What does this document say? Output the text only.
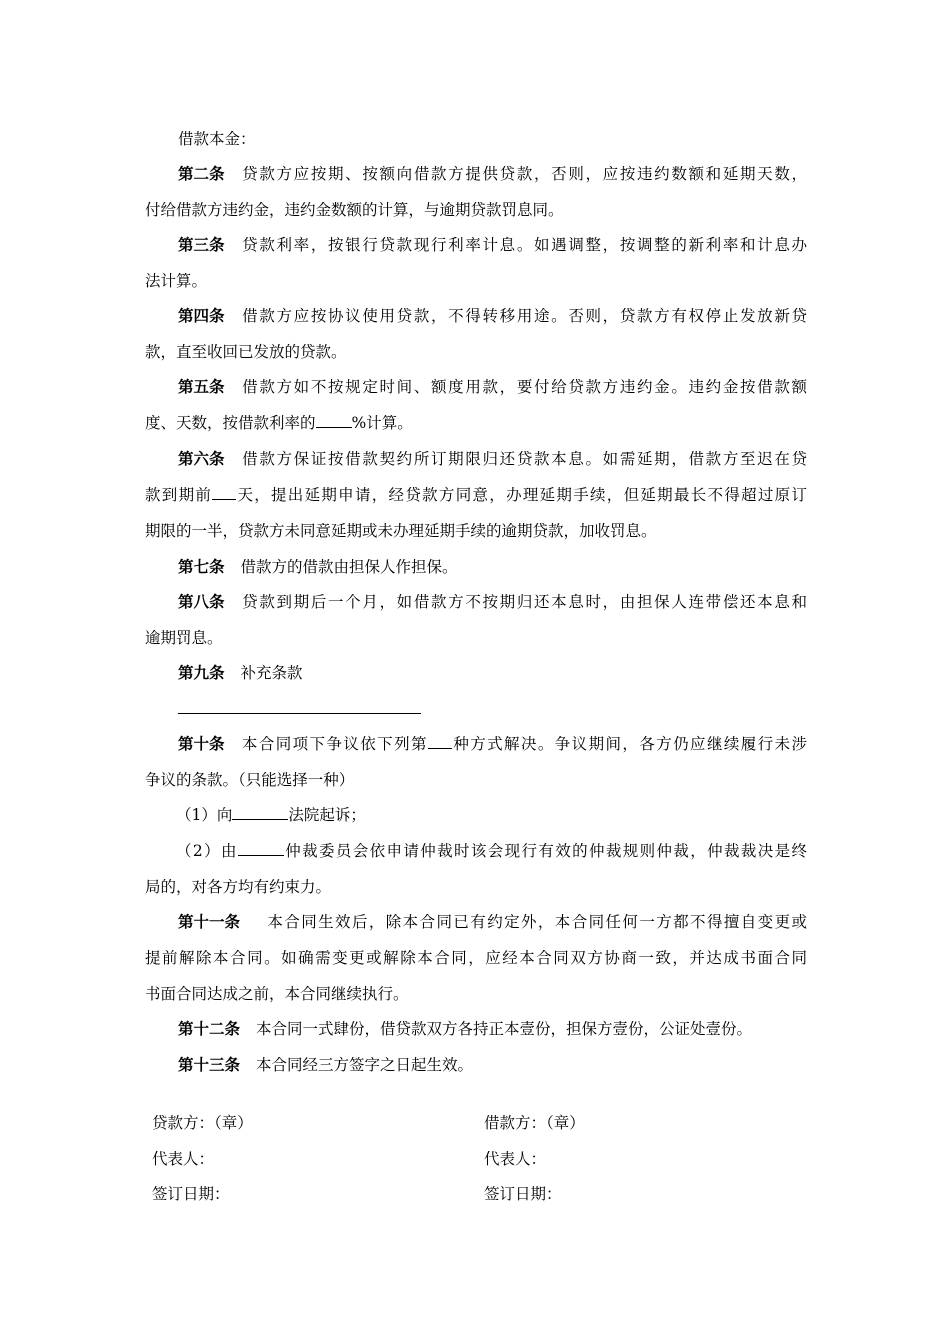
借款本金：
第二条 贷款方应按期、按额向借款方提供贷款，否则，应按违约数额和延期天数，
付给借款方违约金，违约金数额的计算，与逾期贷款罚息同。
第三条 贷款利率，按银行贷款现行利率计息。如遇调整，按调整的新利率和计息办
法计算。
第四条 借款方应按协议使用贷款，不得转移用途。否则，贷款方有权停止发放新贷
款，直至收回已发放的贷款。
第五条 借款方如不按规定时间、额度用款，要付给贷款方违约金。违约金按借款额
度、天数，按借款利率的 %计算。
第六条 借款方保证按借款契约所订期限归还贷款本息。如需延期，借款方至迟在贷
款到期前 天，提出延期申请，经贷款方同意，办理延期手续，但延期最长不得超过原订
期限的一半，贷款方未同意延期或未办理延期手续的逾期贷款，加收罚息。
第七条 借款方的借款由担保人作担保。
第八条 贷款到期后一个月，如借款方不按期归还本息时，由担保人连带偿还本息和
逾期罚息。
第九条 补充条款
第十条 本合同项下争议依下列第 种方式解决。争议期间，各方仍应继续履行未涉
争议的条款。（只能选择一种）
（1）向	法院起诉；
（2）由	仲裁委员会依申请仲裁时该会现行有效的仲裁规则仲裁，仲裁裁决是终
局的，对各方均有约束力。
第十一条 本合同生效后，除本合同已有约定外，本合同任何一方都不得擅自变更或
提前解除本合同。如确需变更或解除本合同，应经本合同双方协商一致，并达成书面合同
书面合同达成之前，本合同继续执行。
第十二条 本合同一式肆份，借贷款双方各持正本壹份，担保方壹份，公证处壹份。
第十三条 本合同经三方签字之日起生效。
贷款方：（章）
代表人：
签订日期：
借款方：（章）
代表人：
签订日期：
